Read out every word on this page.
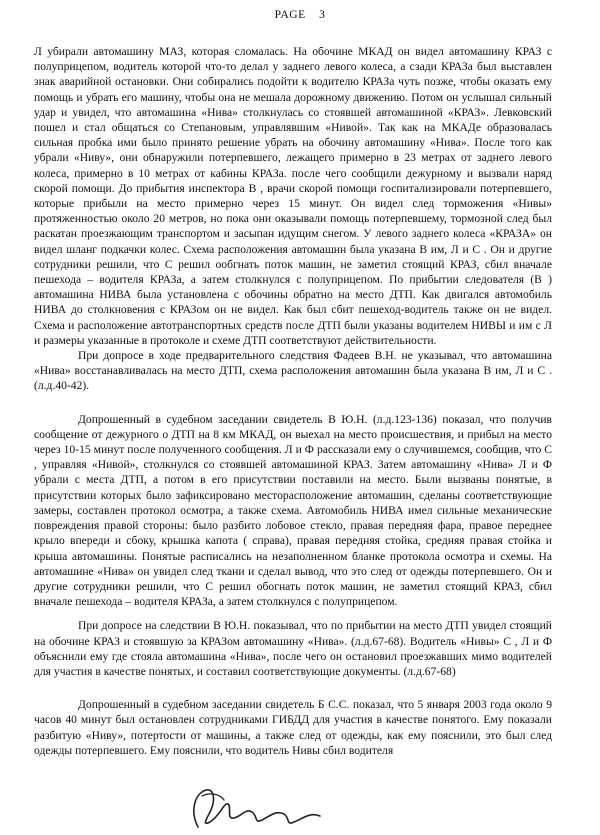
PAGE 3

Л убирали автомашину МАЗ, которая сломалась. На обочине МКАД он видел автомашину КРАЗ с полуприцепом, водитель которой что-то делал у заднего левого колеса, а сзади КРАЗа был выставлен знак аварийной остановки. Они собирались подойти к водителю КРАЗа чуть позже, чтобы оказать ему помощь и убрать его машину, чтобы она не мешала дорожному движению. Потом он услышал сильный удар и увидел, что автомашина «Нива» столкнулась со стоявшей автомашиной «КРАЗ». Левковский пошел и стал общаться со Степановым, управлявшим «Нивой». Так как на МКАДе образовалась сильная пробка ими было принято решение убрать на обочину автомашину «Нива». После того как убрали «Ниву», они обнаружили потерпевшего, лежащего примерно в 23 метрах от заднего левого колеса, примерно в 10 метрах от кабины КРАЗа. после чего сообщили дежурному и вызвали наряд скорой помощи. До прибытия инспектора В , врачи скорой помощи госпитализировали потерпевшего, которые прибыли на место примерно через 15 минут. Он видел след торможения «Нивы» протяженностью около 20 метров, но пока они оказывали помощь потерпевшему, тормозной след был раскатан проезжающим транспортом и засыпан идущим снегом. У левого заднего колеса «КРАЗА» он видел шланг подкачки колес. Схема расположения автомашин была указана В им, Л и С . Он и другие сотрудники решили, что С решил ообгнать поток машин, не заметил стоящий КРАЗ, сбил вначале пешехода – водителя КРАЗа, а затем столкнулся с полуприцепом. По прибытии следователя (В ) автомашина НИВА была установлена с обочины обратно на место ДТП. Как двигался автомобиль НИВА до столкновения с КРАЗом он не видел. Как был сбит пешеход-водитель также он не видел. Схема и расположение автотранспортных средств после ДТП были указаны водителем НИВЫ и им с Л и размеры указанные в протоколе и схеме ДТП соответствуют действительности.

При допросе в ходе предварительного следствия Фадеев В.Н. не указывал, что автомашина «Нива» восстанавливалась на место ДТП, схема расположения автомашин была указана В им, Л и С . (л.д.40-42).

Допрошенный в судебном заседании свидетель В Ю.Н. (л.д.123-136) показал, что получив сообщение от дежурного о ДТП на 8 км МКАД, он выехал на место происшествия, и прибыл на место через 10-15 минут после полученного сообщения. Л и Ф рассказали ему о случившемся, сообщив, что С , управляя «Нивой», столкнулся со стоявшей автомашиной КРАЗ. Затем автомашину «Нива» Л и Ф убрали с места ДТП, а потом в его присутствии поставили на место. Были вызваны понятые, в присутствии которых было зафиксировано месторасположение автомашин, сделаны соответствующие замеры, составлен протокол осмотра, а также схема. Автомобиль НИВА имел сильные механические повреждения правой стороны: было разбито лобовое стекло, правая передняя фара, правое переднее крыло впереди и сбоку, крышка капота ( справа), правая передняя стойка, средняя правая стойка и крыша автомашины. Понятые расписались на незаполненном бланке протокола осмотра и схемы. На автомашине «Нива» он увидел след ткани и сделал вывод, что это след от одежды потерпевшего. Он и другие сотрудники решили, что С решил обогнать поток машин, не заметил стоящий КРАЗ, сбил вначале пешехода – водителя КРАЗа, а затем столкнулся с полуприцепом.

При допросе на следствии В Ю.Н. показывал, что по прибытии на место ДТП увидел стоящий на обочине КРАЗ и стоявшую за КРАЗом автомашину «Нива». (л.д.67-68). Водитель «Нивы» С , Л и Ф объяснили ему где стояла автомашина «Нива», после чего он остановил проезжавших мимо водителей для участия в качестве понятых, и составил соответствующие документы. (л.д.67-68)

Допрошенный в судебном заседании свидетель Б С.С. показал, что 5 января 2003 года около 9 часов 40 минут был остановлен сотрудниками ГИБДД для участия в качестве понятого. Ему показали разбитую «Ниву», потертости от машины, а также след от одежды, как ему пояснили, это был след одежды потерпевшего. Ему пояснили, что водитель Нивы сбил водителя
